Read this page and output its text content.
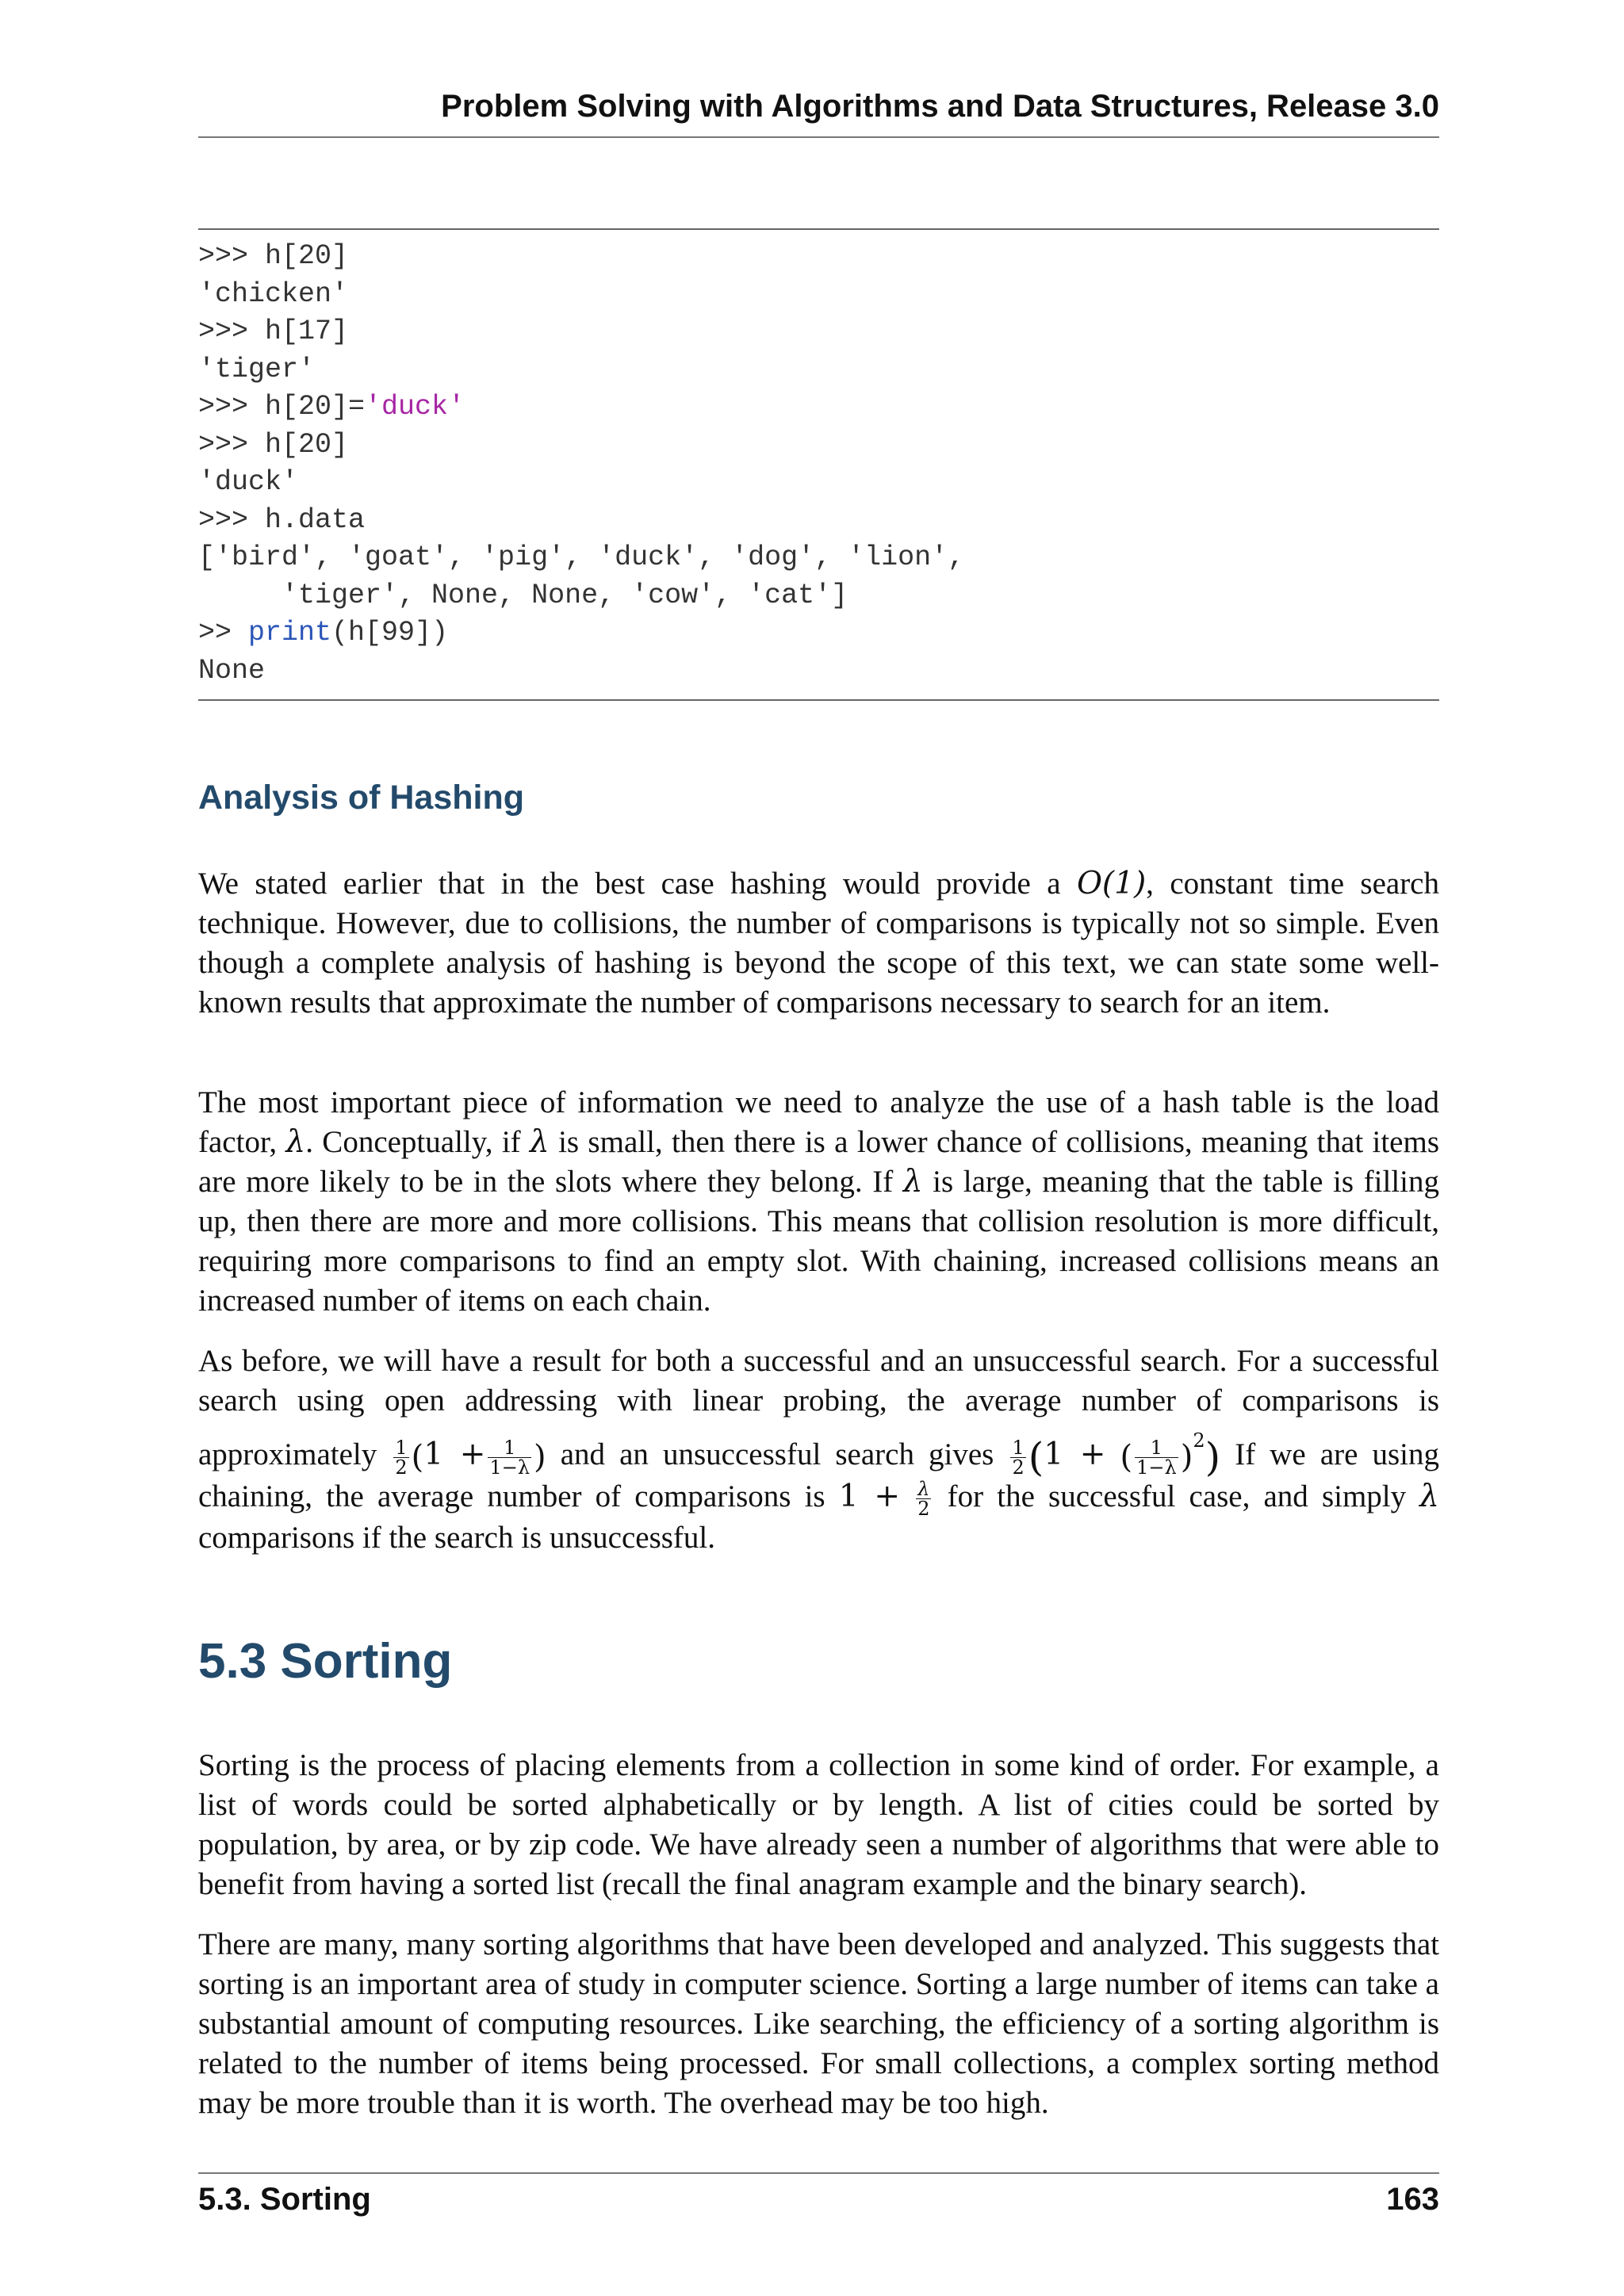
Problem Solving with Algorithms and Data Structures, Release 3.0
>>> h[20]
'chicken'
>>> h[17]
'tiger'
>>> h[20]='duck'
>>> h[20]
'duck'
>>> h.data
['bird', 'goat', 'pig', 'duck', 'dog', 'lion',
'tiger', None, None, 'cow', 'cat']
>> print(h[99])
None
Analysis of Hashing

We stated earlier that in the best case hashing would provide a O(1), constant time search technique. However, due to collisions, the number of comparisons is typically not so simple. Even though a complete analysis of hashing is beyond the scope of this text, we can state some well-known results that approximate the number of comparisons necessary to search for an item.

The most important piece of information we need to analyze the use of a hash table is the load factor, λ. Conceptually, if λ is small, then there is a lower chance of collisions, meaning that items are more likely to be in the slots where they belong. If λ is large, meaning that the table is filling up, then there are more and more collisions. This means that collision resolution is more difficult, requiring more comparisons to find an empty slot. With chaining, increased collisions means an increased number of items on each chain.

As before, we will have a result for both a successful and an unsuccessful search. For a successful search using open addressing with linear probing, the average number of comparisons is approximately $\frac{1}{2} (1 + \frac{1}{1-\lambda}$ ) and an unsuccessful search gives $\frac{1}{2} (1$ + ( $\frac{1}{1-\lambda} )^2$) If we are using chaining, the average number of comparisons is $1 + \frac{\lambda}{2}$ for the successful case, and simply λ comparisons if the search is unsuccessful.

5.3 Sorting

Sorting is the process of placing elements from a collection in some kind of order. For example, a list of words could be sorted alphabetically or by length. A list of cities could be sorted by population, by area, or by zip code. We have already seen a number of algorithms that were able to benefit from having a sorted list (recall the final anagram example and the binary search).

There are many, many sorting algorithms that have been developed and analyzed. This suggests that sorting is an important area of study in computer science. Sorting a large number of items can take a substantial amount of computing resources. Like searching, the efficiency of a sorting algorithm is related to the number of items being processed. For small collections, a complex sorting method may be more trouble than it is worth. The overhead may be too high.

5.3. Sorting	163
